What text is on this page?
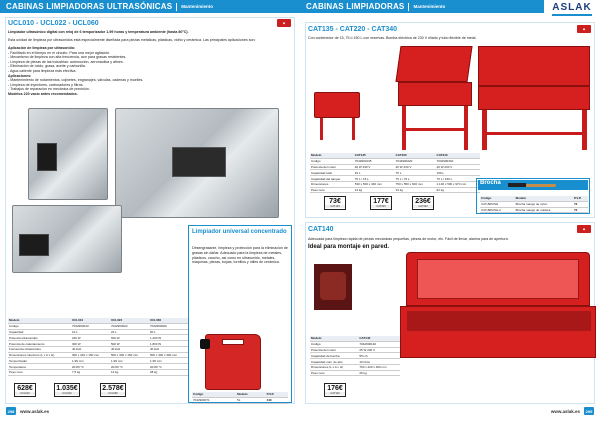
CABINAS LIMPIADORAS ULTRASÓNICAS Mantenimiento
UCL010 - UCL022 - UCL060	◆
Limpiador ultrasónico digital con reloj de 6 temporizador 1-99 horas y temperatura ambiente (hasta 80°C).
Esta unidad de limpieza por ultrasonidos está especialmente diseñada para piezas metálicas, plásticas, vidrio y cerámica. Las principales aplicaciones son:
Aplicación de limpieza por ultrasonido:
- Facilitado en el tiempo en el circuito. Para una mejor agitación.
- Mecanismo de limpieza con alta frecuencia, aun para grasas resistentes.
- Limpieza de piezas de las industrias: automoción, aeronáutica y afines.
- Eliminación de óxido, grasa, aceite y carbonilla.
- Agua caliente para limpieza más efectiva.
Aplicaciones:
- Mantenimiento de rodamientos, cojinetes, engranajes, válvulas, cadenas y muelles.
- Limpieza de inyectores, carburadores y filtros.
- Trabajos de reparación en mecánica de precisión.
Modelos 220 vacío antes recomendados.
Modelo	UCL010	UCL022	UCL060
Código	7042900010	7042900022	7042900060
Capacidad	10 L	22 L	60 L
Potencia ultrasonidos	240 W	600 W	1.200 W
Potencia de calentamiento	300 W	500 W	1.800 W
Frecuencia ultrasonidos	40 kHz	40 kHz	40 kHz
Dimensiones interiores (L x A x H)	300 x 240 x 150 mm	500 x 300 x 150 mm	500 x 400 x 300 mm
Temporizador	1-99 min	1-99 min	1-99 min
Temperatura	20-80 °C	20-80 °C	20-80 °C
Peso neto	7,5 kg	12 kg	28 kg
628€
UCL010
1.035€
UCL022
2.578€
UCL060
Limpiador universal concentrado
Desengrasante, limpieza y protección para la eliminación de grasas sin dañar. Adecuado para la limpieza de metales, plásticos, caucho, así como en ultrasonido, metales, máquinas, piezas, bujías, tornillos y útiles de cerámica.
Código	Modelo	P.V.P.
7042900071	5L	44€
298	www.aslak.es
CABINAS LIMPIADORAS Mantenimiento	ASLAK
CAT135 - CAT220 - CAT340	◆
Con contenedor de 15, 75 ó 150 L con reservas. Bomba eléctrica de 230 V ellado y tubo flexible de metal.
Modelo	CAT135	CAT220	CAT340
Código	7042900135	7042900220	7042900340
Potencia del motor	40 W 230 V	40 W 230 V	40 W 230 V
Capacidad total	15 L	75 L	150 L
Capacidad del tanque	75 L / 15 L	75 L / 75 L	75 L / 150 L
Dimensiones	530 x 500 x 340 mm	750 x 550 x 600 mm	1.130 x 500 x 970 mm
Peso neto	13 kg	33 kg	52 kg
73€
CAT135
177€
CAT220
236€
CAT340
Brocha
Código	Modelo	P.V.P.
CAT-BRUSH	Brocha mango de nylon	7€
CAT-BRUSH-2	Brocha mango de madera	7€
CAT140	◆
Adecuada para limpieza rápida de piezas mecánicas pequeñas, piezas de motor, etc. Fácil de llevar, alarma para de apertura.
Ideal para montaje en pared.
Modelo	CAT140
Código	7042900140
Potencia del motor	25 W 230 V
Capacidad de bomba	55 L/h
Capacidad max. de alto	10 litros
Dimensiones (L x A x H)	760 x 420 x 460 mm
Peso neto	26 kg
176€
CAT140
www.aslak.es	299
